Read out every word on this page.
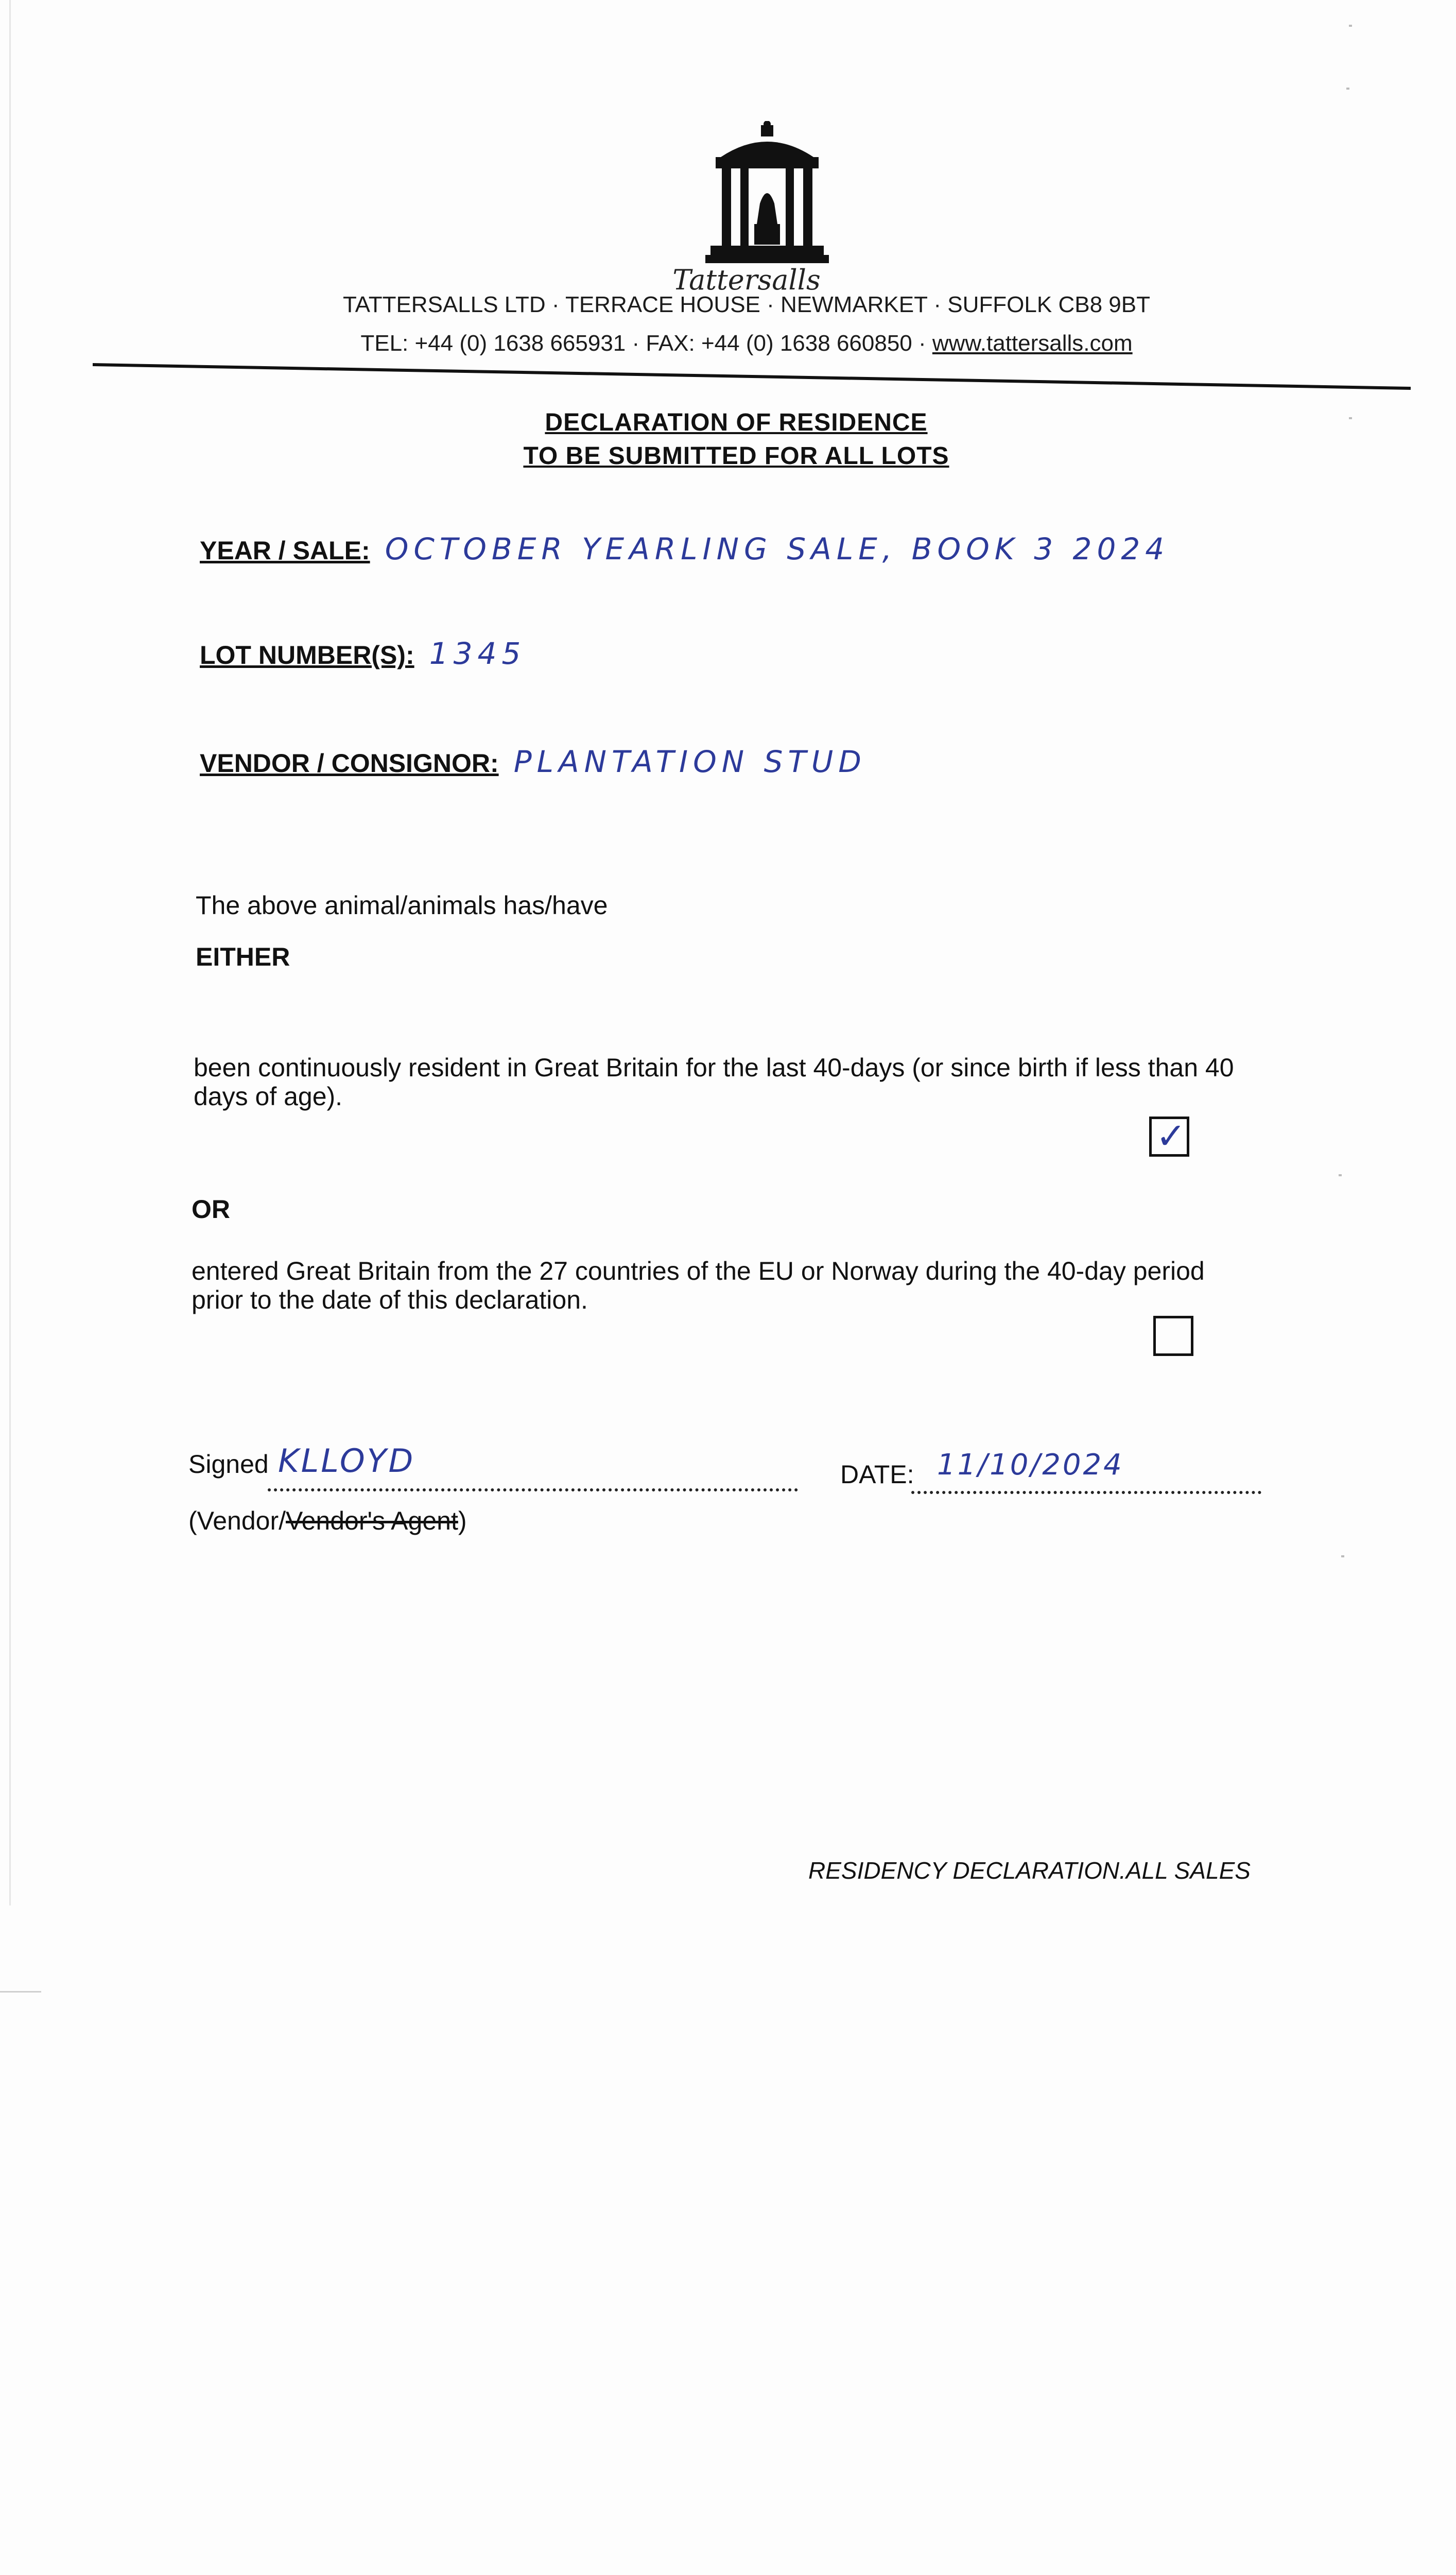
Tattersalls
TATTERSALLS LTD · TERRACE HOUSE · NEWMARKET · SUFFOLK CB8 9BT
TEL: +44 (0) 1638 665931 · FAX: +44 (0) 1638 660850 · www.tattersalls.com
DECLARATION OF RESIDENCE
TO BE SUBMITTED FOR ALL LOTS
YEAR / SALE: OCTOBER YEARLING SALE, BOOK 3 2024
LOT NUMBER(S): 1345
VENDOR / CONSIGNOR: PLANTATION STUD
The above animal/animals has/have
EITHER
been continuously resident in Great Britain for the last 40-days (or since birth if less than 40
days of age).
✓
OR
entered Great Britain from the 27 countries of the EU or Norway during the 40-day period
prior to the date of this declaration.
Signed KLLOYD	DATE: 11/10/2024
(Vendor/Vendor's Agent)
RESIDENCY DECLARATION.ALL SALES
